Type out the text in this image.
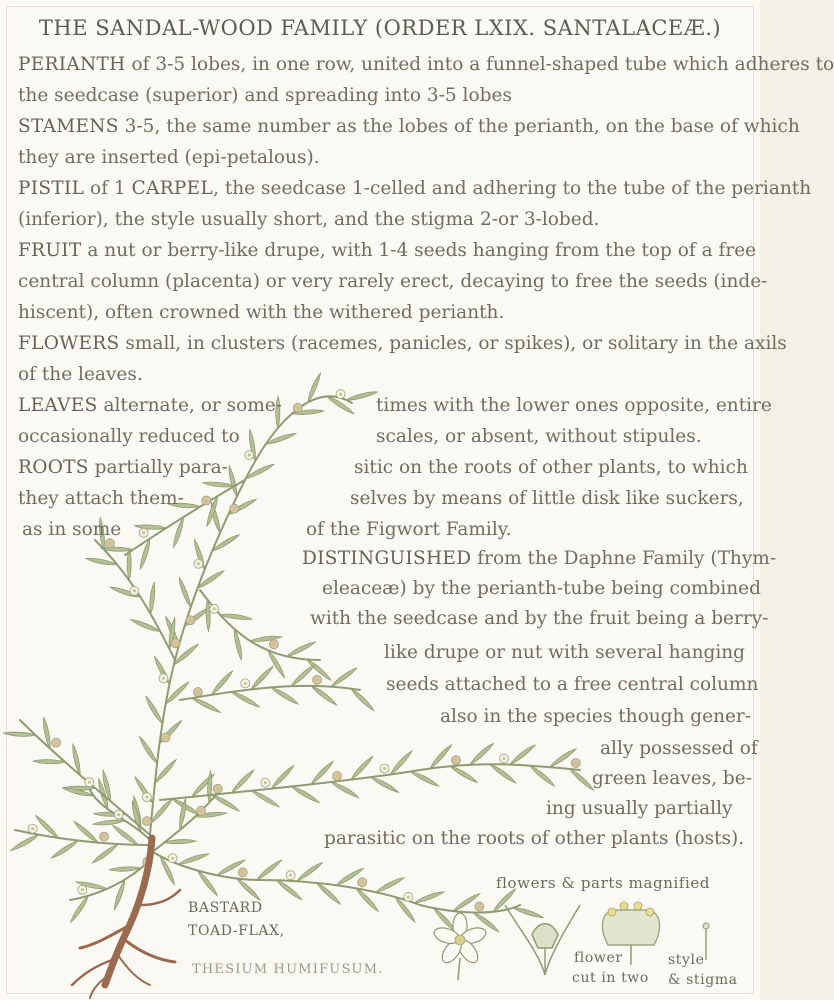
THE SANDAL-WOOD FAMILY (ORDER LXIX. SANTALACEÆ.)
PERIANTH of 3-5 lobes, in one row, united into a funnel-shaped tube which adheres to
the seedcase (superior) and spreading into 3-5 lobes
STAMENS 3-5, the same number as the lobes of the perianth, on the base of which
they are inserted (epi-petalous).
PISTIL of 1 CARPEL, the seedcase 1-celled and adhering to the tube of the perianth
(inferior), the style usually short, and the stigma 2-or 3-lobed.
FRUIT a nut or berry-like drupe, with 1-4 seeds hanging from the top of a free
central column (placenta) or very rarely erect, decaying to free the seeds (inde-
hiscent), often crowned with the withered perianth.
FLOWERS small, in clusters (racemes, panicles, or spikes), or solitary in the axils
of the leaves.
LEAVES alternate, or some-	times with the lower ones opposite, entire
occasionally reduced to	scales, or absent, without stipules.
ROOTS partially para-	sitic on the roots of other plants, to which
they attach them-	selves by means of little disk like suckers,
as in some	of the Figwort Family.
DISTINGUISHED from the Daphne Family (Thym-
eleaceæ) by the perianth-tube being combined
with the seedcase and by the fruit being a berry-
like drupe or nut with several hanging
seeds attached to a free central column
also in the species though gener-
ally possessed of
green leaves, be-
ing usually partially
parasitic on the roots of other plants (hosts).
flowers & parts magnified
BASTARD
TOAD-FLAX,
THESIUM HUMIFUSUM.
flower
cut in two
style
& stigma
